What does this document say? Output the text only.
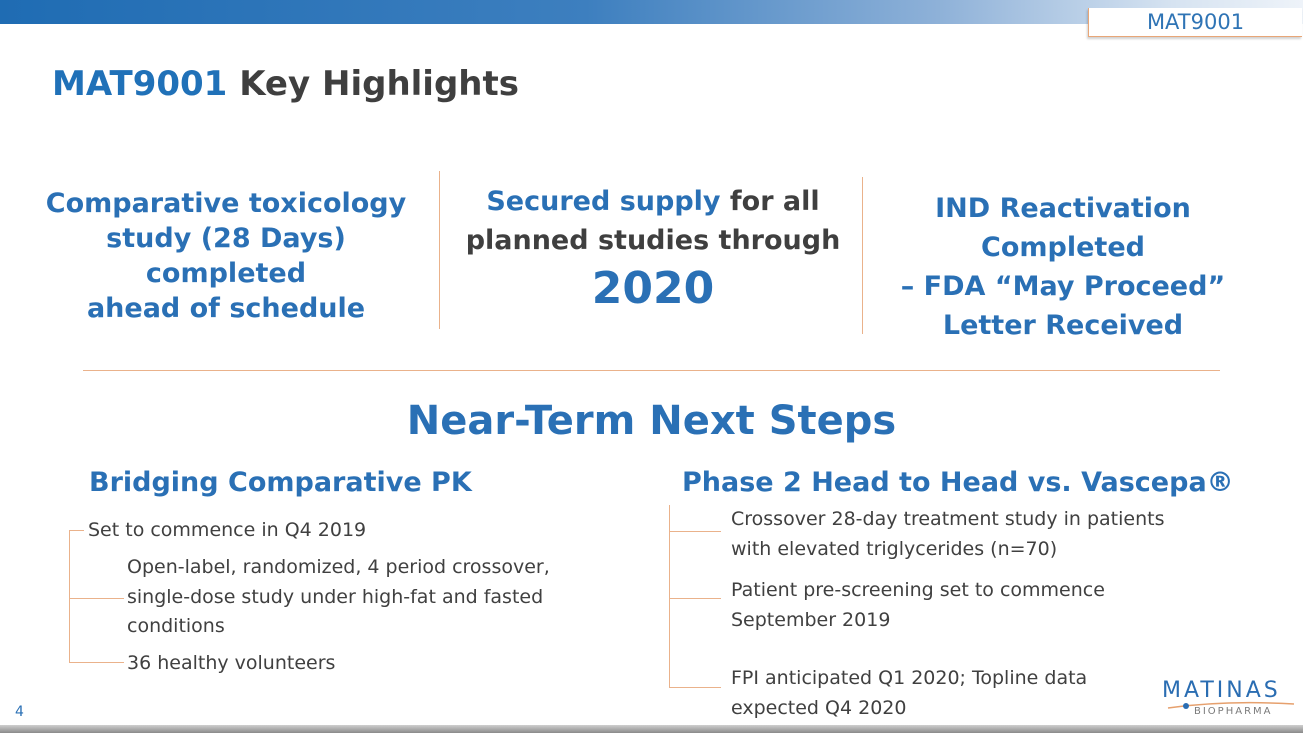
MAT9001
MAT9001 Key Highlights
Comparative toxicology
study (28 Days) completed
ahead of schedule
Secured supply for all
planned studies through
2020
IND Reactivation Completed
– FDA “May Proceed”
Letter Received
Near-Term Next Steps
Bridging Comparative PK
Set to commence in Q4 2019
Open-label, randomized, 4 period crossover,
single-dose study under high-fat and fasted
conditions
36 healthy volunteers
Phase 2 Head to Head vs. Vascepa®
Crossover 28-day treatment study in patients
with elevated triglycerides (n=70)
Patient pre-screening set to commence
September 2019
FPI anticipated Q1 2020; Topline data
expected Q4 2020
4
MATINAS
BIOPHARMA
